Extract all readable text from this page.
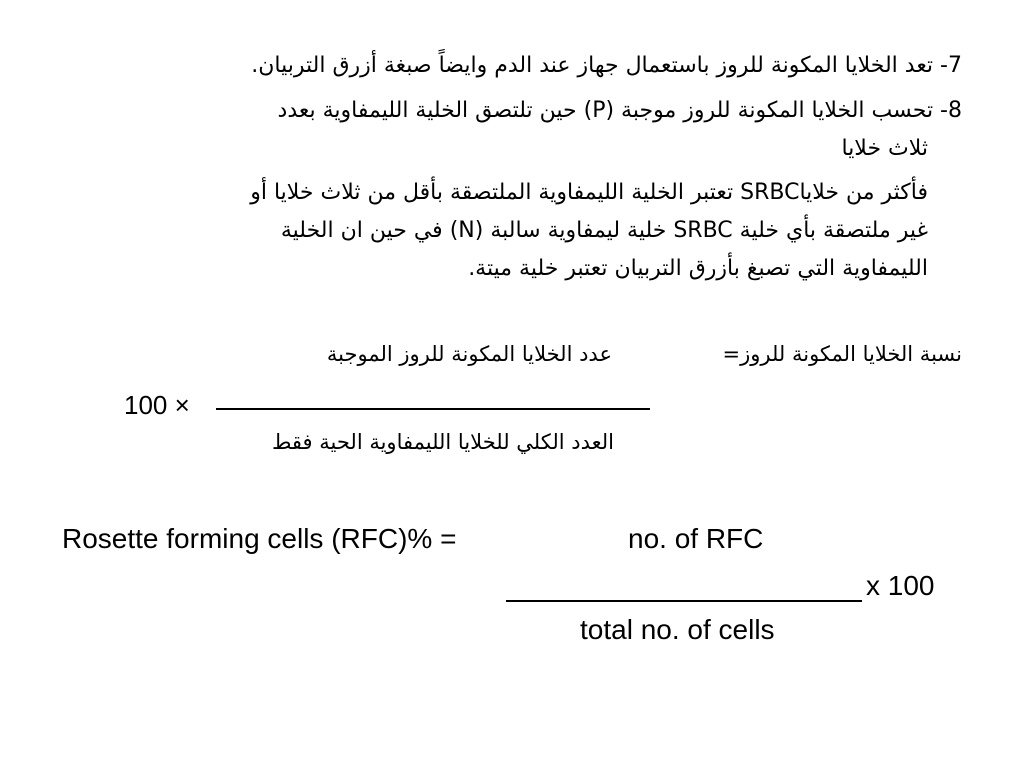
7- تعد الخلايا المكونة للروز باستعمال جهاز عند الدم وايضاً صبغة أزرق التربيان.
8- تحسب الخلايا المكونة للروز موجبة (P) حين تلتصق الخلية الليمفاوية بعدد
ثلاث خلايا
فأكثر من خلاياSRBC تعتبر الخلية الليمفاوية الملتصقة بأقل من ثلاث خلايا أو
غير ملتصقة بأي خلية SRBC خلية ليمفاوية سالبة (N) في حين ان الخلية
الليمفاوية التي تصبغ بأزرق التربيان تعتبر خلية ميتة.
نسبة الخلايا المكونة للروز=
عدد الخلايا المكونة للروز الموجبة
100 ×
العدد الكلي للخلايا الليمفاوية الحية فقط
Rosette forming cells (RFC)% =	no. of RFC
x 100
total no. of cells
